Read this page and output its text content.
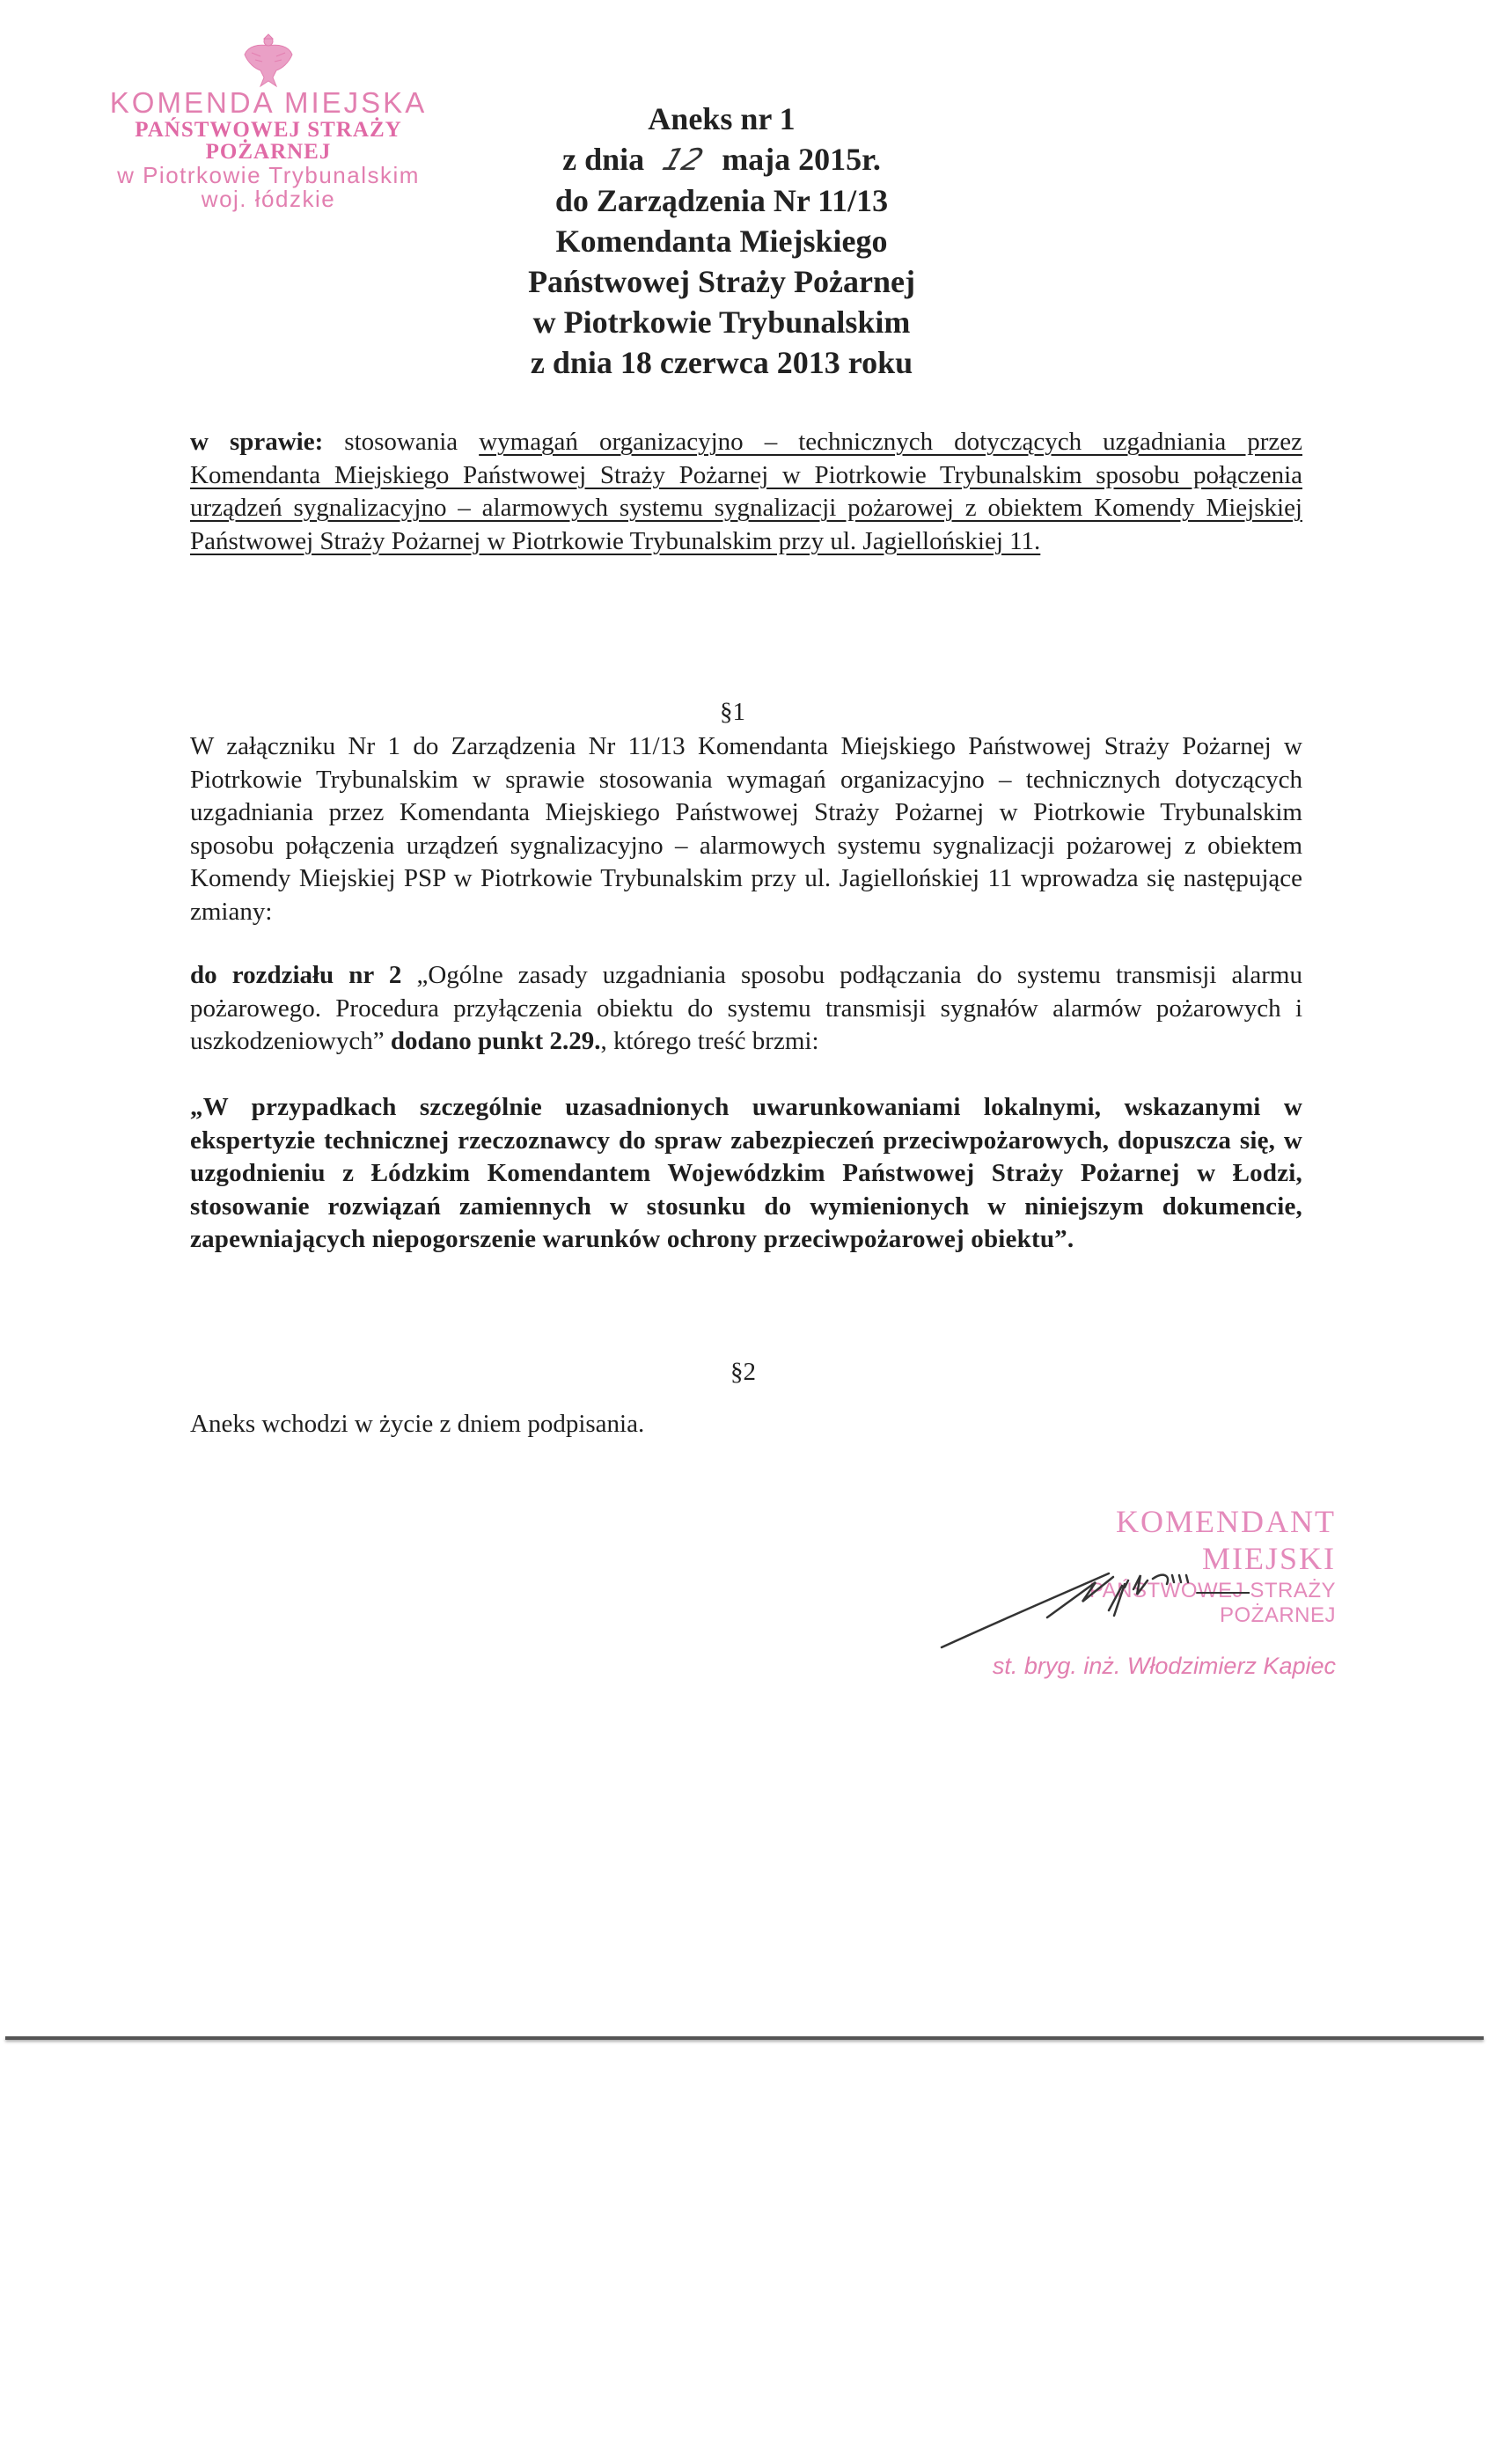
KOMENDA MIEJSKA
PAŃSTWOWEJ STRAŻY POŻARNEJ
w Piotrkowie Trybunalskim
woj. łódzkie
Aneks nr 1
z dnia 12 maja 2015r.
do Zarządzenia Nr 11/13
Komendanta Miejskiego
Państwowej Straży Pożarnej
w Piotrkowie Trybunalskim
z dnia 18 czerwca 2013 roku
w sprawie: stosowania wymagań organizacyjno – technicznych dotyczących uzgadniania przez Komendanta Miejskiego Państwowej Straży Pożarnej w Piotrkowie Trybunalskim sposobu połączenia urządzeń sygnalizacyjno – alarmowych systemu sygnalizacji pożarowej z obiektem Komendy Miejskiej Państwowej Straży Pożarnej w Piotrkowie Trybunalskim przy ul. Jagiellońskiej 11.
§1
W załączniku Nr 1 do Zarządzenia Nr 11/13 Komendanta Miejskiego Państwowej Straży Pożarnej w Piotrkowie Trybunalskim w sprawie stosowania wymagań organizacyjno – technicznych dotyczących uzgadniania przez Komendanta Miejskiego Państwowej Straży Pożarnej w Piotrkowie Trybunalskim sposobu połączenia urządzeń sygnalizacyjno – alarmowych systemu sygnalizacji pożarowej z obiektem Komendy Miejskiej PSP w Piotrkowie Trybunalskim przy ul. Jagiellońskiej 11 wprowadza się następujące zmiany:
do rozdziału nr 2 „Ogólne zasady uzgadniania sposobu podłączania do systemu transmisji alarmu pożarowego. Procedura przyłączenia obiektu do systemu transmisji sygnałów alarmów pożarowych i uszkodzeniowych” dodano punkt 2.29., którego treść brzmi:
„W przypadkach szczególnie uzasadnionych uwarunkowaniami lokalnymi, wskazanymi w ekspertyzie technicznej rzeczoznawcy do spraw zabezpieczeń przeciwpożarowych, dopuszcza się, w uzgodnieniu z Łódzkim Komendantem Wojewódzkim Państwowej Straży Pożarnej w Łodzi, stosowanie rozwiązań zamiennych w stosunku do wymienionych w niniejszym dokumencie, zapewniających niepogorszenie warunków ochrony przeciwpożarowej obiektu”.
§2
Aneks wchodzi w życie z dniem podpisania.
KOMENDANT MIEJSKI
PAŃSTWOWEJ STRAŻY POŻARNEJ
st. bryg. inż. Włodzimierz Kapiec
